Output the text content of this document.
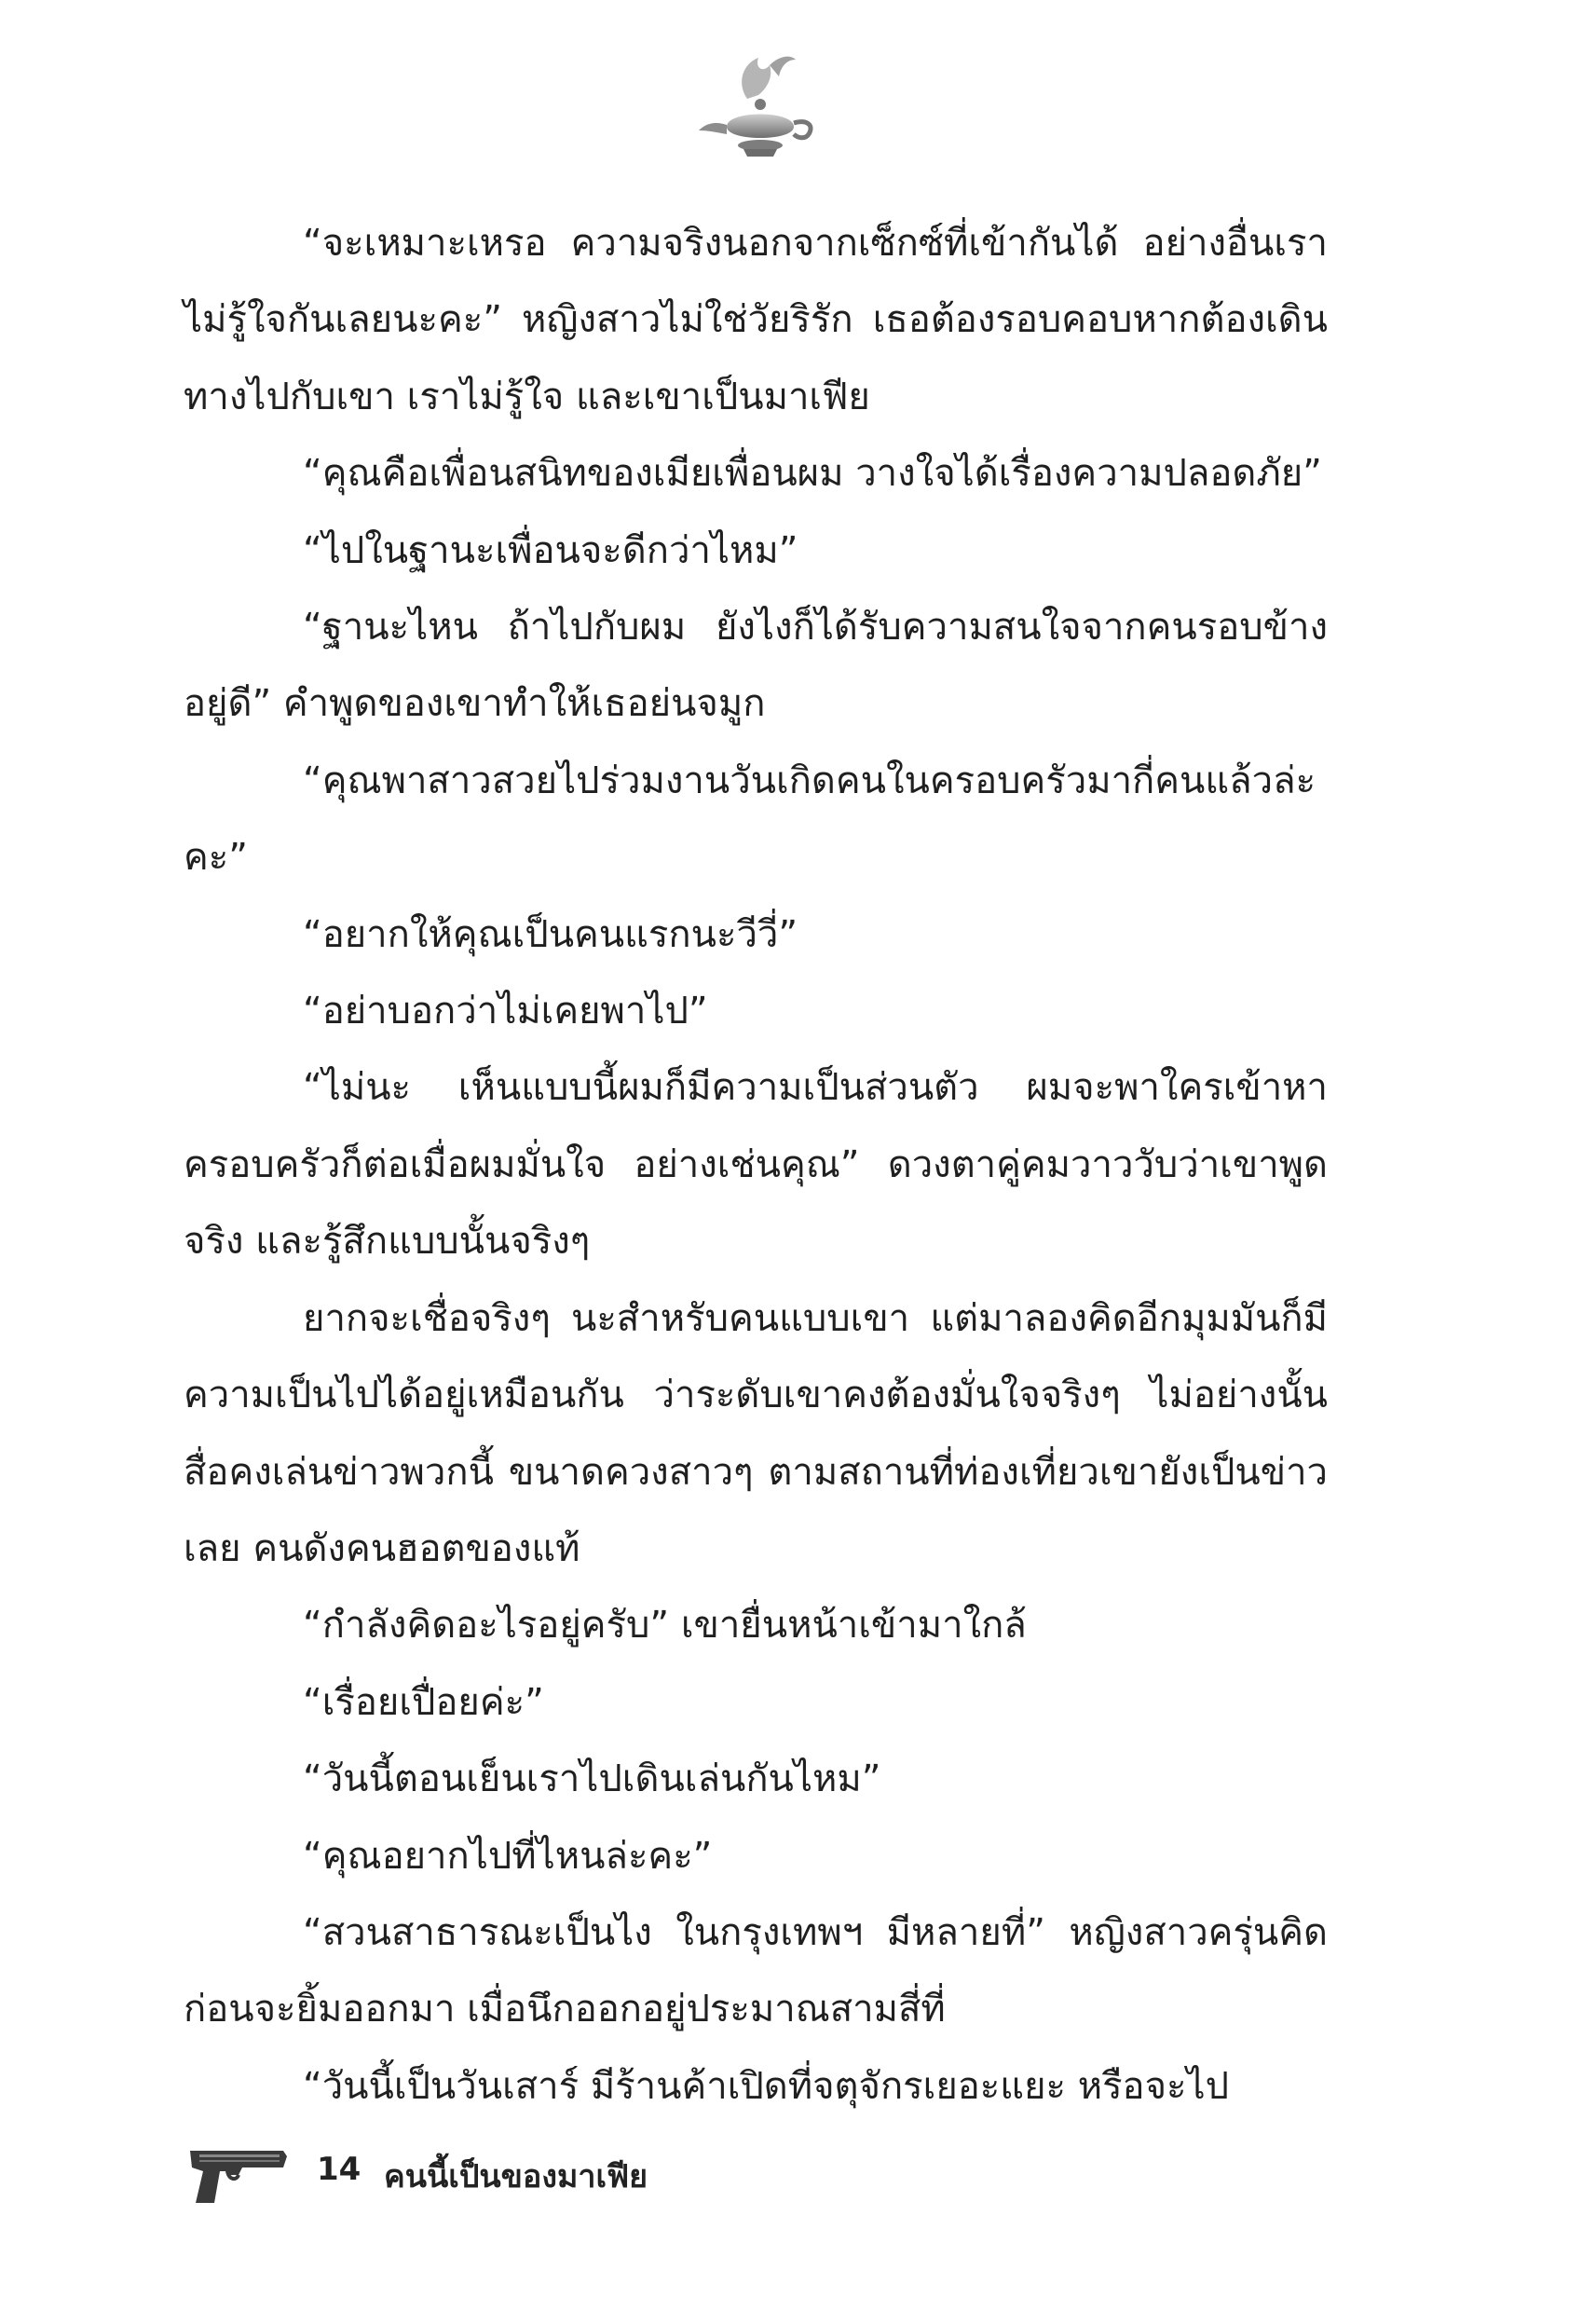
“จะเหมาะเหรอ ความจริงนอกจากเซ็กซ์ที่เข้ากันได้ อย่างอื่นเราไม่รู้ใจกันเลยนะคะ” หญิงสาวไม่ใช่วัยริรัก เธอต้องรอบคอบหากต้องเดินทางไปกับเขา เราไม่รู้ใจ และเขาเป็นมาเฟีย

“คุณคือเพื่อนสนิทของเมียเพื่อนผม วางใจได้เรื่องความปลอดภัย”

“ไปในฐานะเพื่อนจะดีกว่าไหม”

“ฐานะไหน ถ้าไปกับผม ยังไงก็ได้รับความสนใจจากคนรอบข้างอยู่ดี” คำพูดของเขาทำให้เธอย่นจมูก

“คุณพาสาวสวยไปร่วมงานวันเกิดคนในครอบครัวมากี่คนแล้วล่ะคะ”

“อยากให้คุณเป็นคนแรกนะวีวี่”

“อย่าบอกว่าไม่เคยพาไป”

“ไม่นะ เห็นแบบนี้ผมก็มีความเป็นส่วนตัว ผมจะพาใครเข้าหาครอบครัวก็ต่อเมื่อผมมั่นใจ อย่างเช่นคุณ” ดวงตาคู่คมวาววับว่าเขาพูดจริง และรู้สึกแบบนั้นจริงๆ

ยากจะเชื่อจริงๆ นะสำหรับคนแบบเขา แต่มาลองคิดอีกมุมมันก็มีความเป็นไปได้อยู่เหมือนกัน ว่าระดับเขาคงต้องมั่นใจจริงๆ ไม่อย่างนั้นสื่อคงเล่นข่าวพวกนี้ ขนาดควงสาวๆ ตามสถานที่ท่องเที่ยวเขายังเป็นข่าวเลย คนดังคนฮอตของแท้

“กำลังคิดอะไรอยู่ครับ” เขายื่นหน้าเข้ามาใกล้

“เรื่อยเปื่อยค่ะ”

“วันนี้ตอนเย็นเราไปเดินเล่นกันไหม”

“คุณอยากไปที่ไหนล่ะคะ”

“สวนสาธารณะเป็นไง ในกรุงเทพฯ มีหลายที่” หญิงสาวครุ่นคิดก่อนจะยิ้มออกมา เมื่อนึกออกอยู่ประมาณสามสี่ที่

“วันนี้เป็นวันเสาร์ มีร้านค้าเปิดที่จตุจักรเยอะแยะ หรือจะไป

14 คนนี้เป็นของมาเฟีย
